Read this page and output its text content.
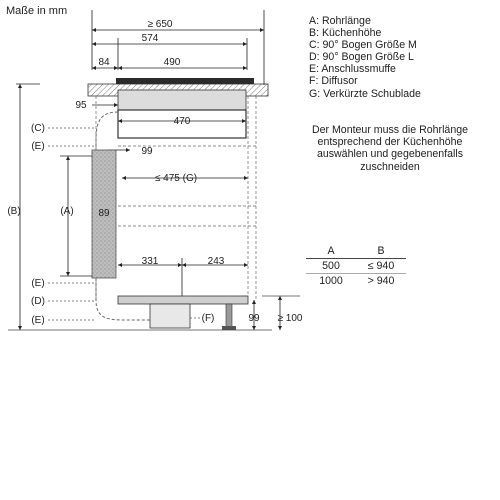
Maße in mm
≥ 650
574
84	490
95
470
99
≤ 475 (G)
331	243
89
(B)	(A)
(C)
(E)
(E)
(D)
(E)	(F)	99 ≥ 100
A: Rohrlänge
B: Küchenhöhe
C: 90° Bogen Größe M
D: 90° Bogen Größe L
E: Anschlussmuffe
F: Diffusor
G: Verkürzte Schublade
Der Monteur muss die Rohrlänge
entsprechend der Küchenhöhe
auswählen und gegebenenfalls
zuschneiden
A	B
500	≤ 940
1000	> 940
